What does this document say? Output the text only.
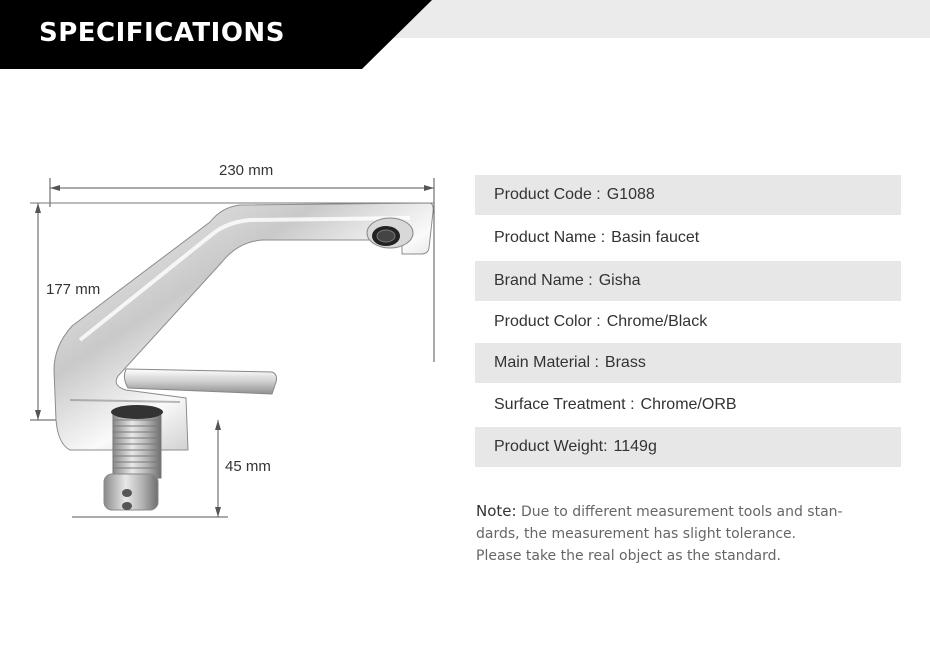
SPECIFICATIONS
230 mm
177 mm
45 mm
Product Code : G1088
Product Name : Basin faucet
Brand Name : Gisha
Product Color : Chrome/Black
Main Material : Brass
Surface Treatment : Chrome/ORB
Product Weight: 1149g

Note: Due to different measurement tools and stan-

dards, the measurement has slight tolerance.

Please take the real object as the standard.
